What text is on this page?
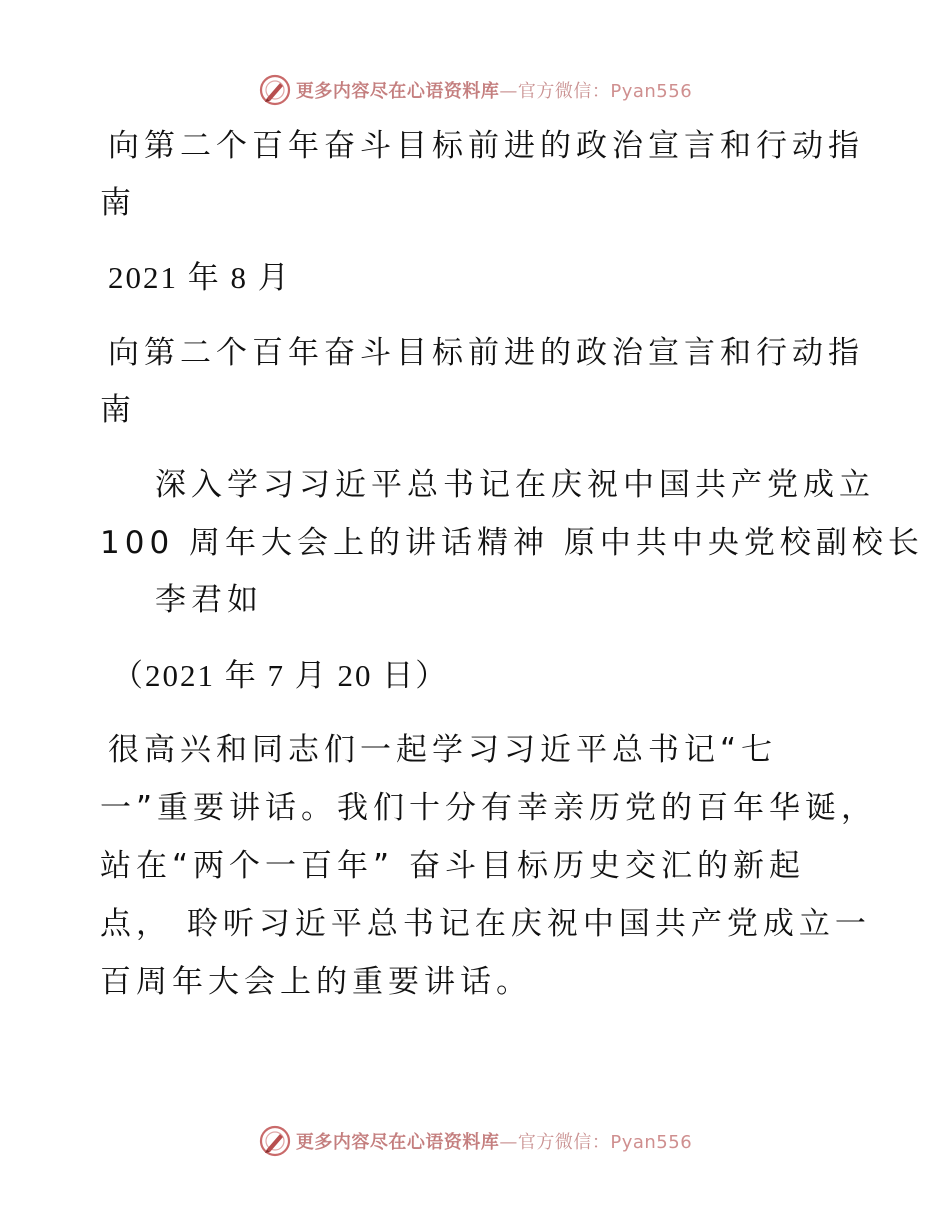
更多内容尽在心语资料库—官方微信：Pyan556
向第二个百年奋斗目标前进的政治宣言和行动指
南
2021 年 8 月
向第二个百年奋斗目标前进的政治宣言和行动指
南
深入学习习近平总书记在庆祝中国共产党成立
100 周年大会上的讲话精神 原中共中央党校副校长
李君如
（2021 年 7 月 20 日）
很高兴和同志们一起学习习近平总书记“七
一”重要讲话。我们十分有幸亲历党的百年华诞，
站在“两个一百年” 奋斗目标历史交汇的新起
点， 聆听习近平总书记在庆祝中国共产党成立一
百周年大会上的重要讲话。
更多内容尽在心语资料库—官方微信：Pyan556
